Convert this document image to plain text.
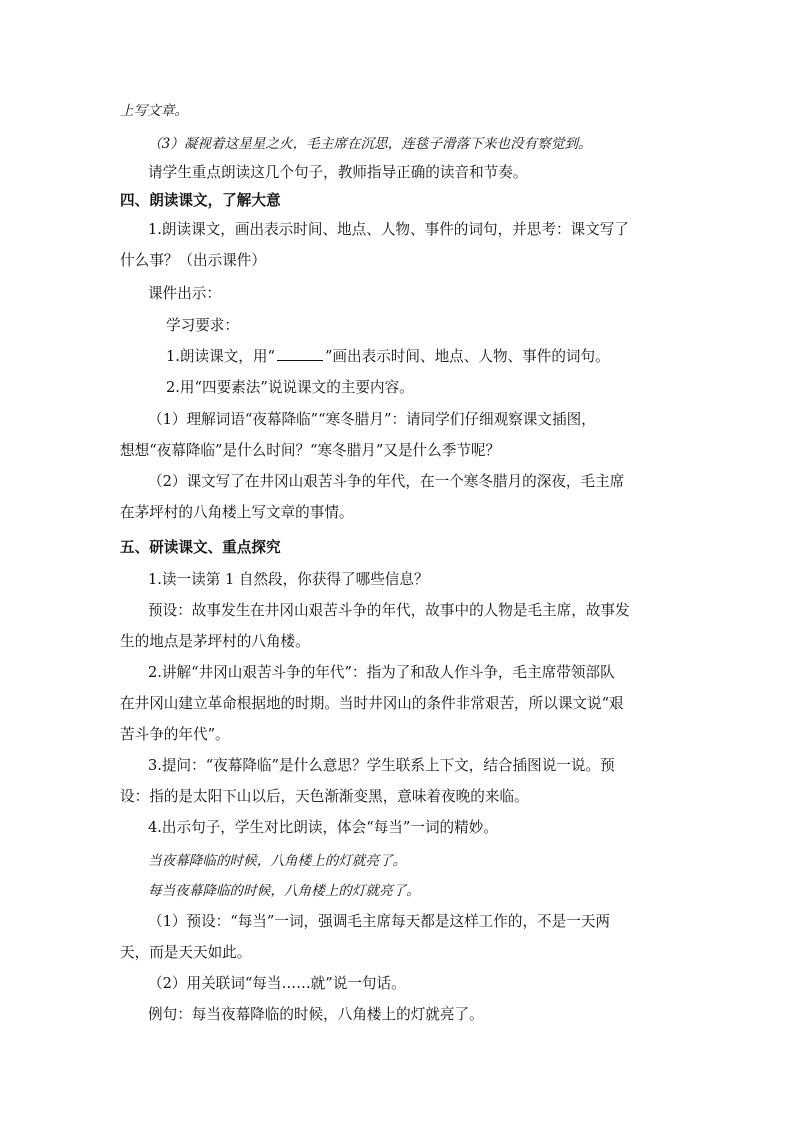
上写文章。
（3）凝视着这星星之火，毛主席在沉思，连毯子滑落下来也没有察觉到。
请学生重点朗读这几个句子，教师指导正确的读音和节奏。
四、朗读课文，了解大意
1.朗读课文，画出表示时间、地点、人物、事件的词句，并思考：课文写了
什么事？（出示课件）
课件出示：
学习要求：
1.朗读课文，用“	”画出表示时间、地点、人物、事件的词句。
2.用“四要素法”说说课文的主要内容。
（1）理解词语“夜幕降临”“寒冬腊月”：请同学们仔细观察课文插图，
想想“夜幕降临”是什么时间？“寒冬腊月”又是什么季节呢？
（2）课文写了在井冈山艰苦斗争的年代，在一个寒冬腊月的深夜，毛主席
在茅坪村的八角楼上写文章的事情。
五、研读课文、重点探究
1.读一读第 1 自然段，你获得了哪些信息？
预设：故事发生在井冈山艰苦斗争的年代，故事中的人物是毛主席，故事发
生的地点是茅坪村的八角楼。
2.讲解“井冈山艰苦斗争的年代”：指为了和敌人作斗争，毛主席带领部队
在井冈山建立革命根据地的时期。当时井冈山的条件非常艰苦，所以课文说“艰
苦斗争的年代”。
3.提问：“夜幕降临”是什么意思？学生联系上下文，结合插图说一说。预
设：指的是太阳下山以后，天色渐渐变黑，意味着夜晚的来临。
4.出示句子，学生对比朗读，体会“每当”一词的精妙。
当夜幕降临的时候，八角楼上的灯就亮了。
每当夜幕降临的时候，八角楼上的灯就亮了。
（1）预设：“每当”一词，强调毛主席每天都是这样工作的，不是一天两
天，而是天天如此。
（2）用关联词“每当……就”说一句话。
例句：每当夜幕降临的时候，八角楼上的灯就亮了。
